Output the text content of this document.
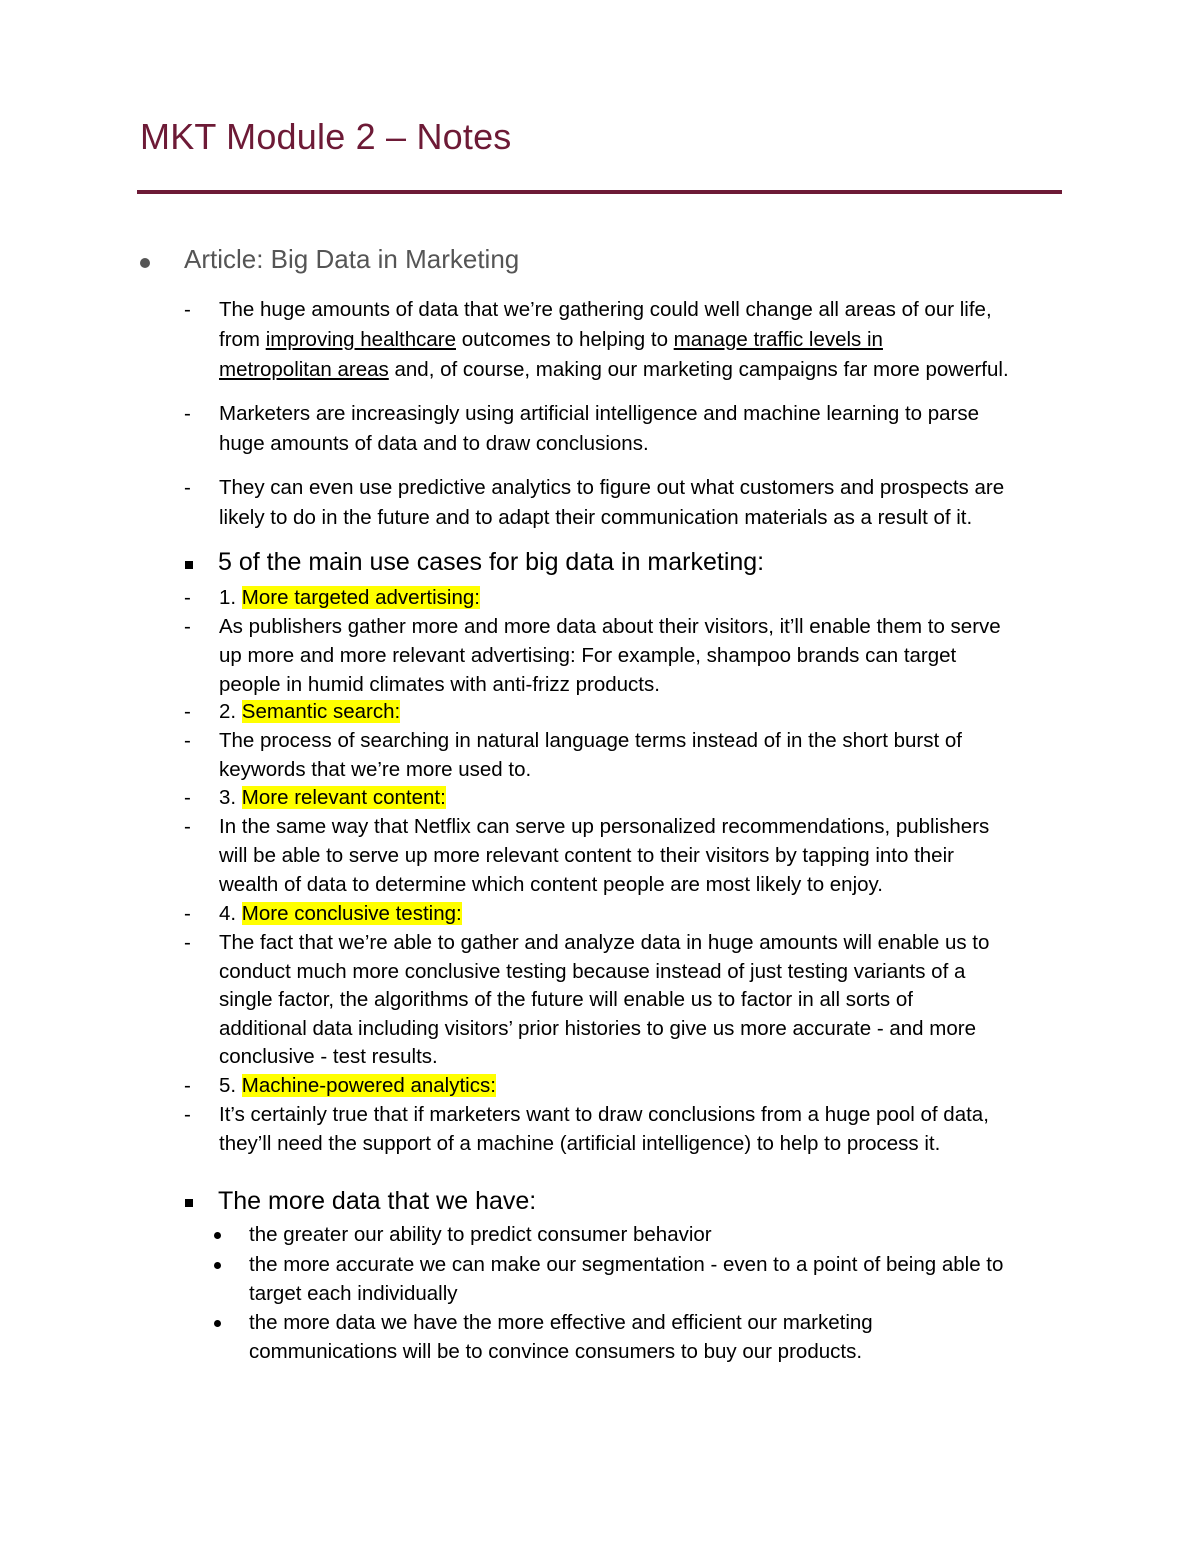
MKT Module 2 – Notes
Article: Big Data in Marketing
-	The huge amounts of data that we’re gathering could well change all areas of our life,
from improving healthcare outcomes to helping to manage traffic levels in
metropolitan areas and, of course, making our marketing campaigns far more powerful.
-	Marketers are increasingly using artificial intelligence and machine learning to parse
huge amounts of data and to draw conclusions.
-	They can even use predictive analytics to figure out what customers and prospects are
likely to do in the future and to adapt their communication materials as a result of it.
5 of the main use cases for big data in marketing:
-	1. More targeted advertising:
-	As publishers gather more and more data about their visitors, it’ll enable them to serve
up more and more relevant advertising: For example, shampoo brands can target
people in humid climates with anti-frizz products.
-	2. Semantic search:
-	The process of searching in natural language terms instead of in the short burst of
keywords that we’re more used to.
-	3. More relevant content:
-	In the same way that Netflix can serve up personalized recommendations, publishers
will be able to serve up more relevant content to their visitors by tapping into their
wealth of data to determine which content people are most likely to enjoy.
-	4. More conclusive testing:
-	The fact that we’re able to gather and analyze data in huge amounts will enable us to
conduct much more conclusive testing because instead of just testing variants of a
single factor, the algorithms of the future will enable us to factor in all sorts of
additional data including visitors’ prior histories to give us more accurate - and more
conclusive - test results.
-	5. Machine-powered analytics:
-	It’s certainly true that if marketers want to draw conclusions from a huge pool of data,
they’ll need the support of a machine (artificial intelligence) to help to process it.
The more data that we have:
the greater our ability to predict consumer behavior
the more accurate we can make our segmentation - even to a point of being able to
target each individually
the more data we have the more effective and efficient our marketing
communications will be to convince consumers to buy our products.
